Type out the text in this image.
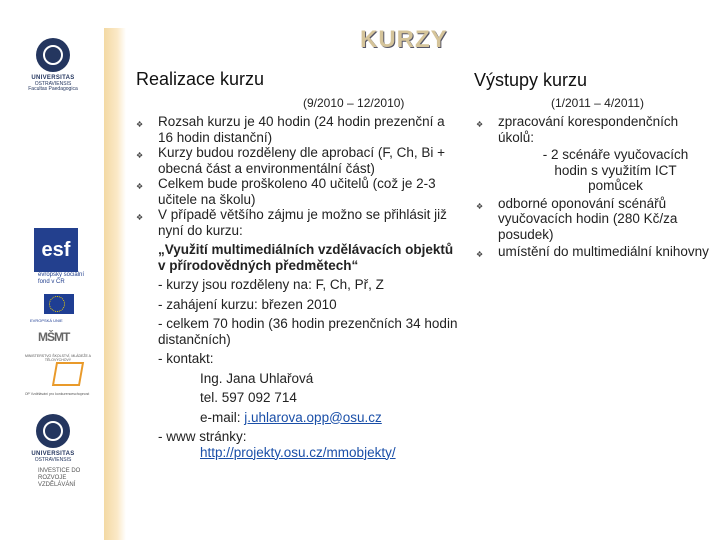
UNIVERSITAS
OSTRAVIENSIS
Facultas Paedagogica
esf
evropský sociální fond v ČR
EVROPSKÁ UNIE
MŠMT
MINISTERSTVO ŠKOLSTVÍ, MLÁDEŽE A TĚLOVÝCHOVY
OP Vzdělávání pro konkurenceschopnost
UNIVERSITAS
OSTRAVIENSIS
INVESTICE DO ROZVOJE VZDĚLÁVÁNÍ
KURZY
Realizace kurzu
(9/2010 – 12/2010)
Výstupy kurzu
(1/2011 – 4/2011)
❖	Rozsah kurzu je 40 hodin (24 hodin prezenční a 16 hodin distanční)
❖	Kurzy budou rozděleny dle aprobací (F, Ch, Bi + obecná část a environmentální část)
❖	Celkem bude proškoleno 40 učitelů (což je 2-3 učitele na školu)
❖	V případě většího zájmu je možno se přihlásit již nyní do kurzu:
„Využití multimediálních vzdělávacích objektů v přírodovědných předmětech“
- kurzy jsou rozděleny na: F, Ch, Př, Z
- zahájení kurzu: březen 2010
- celkem 70 hodin (36 hodin prezenčních 34 hodin distančních)
- kontakt:
Ing. Jana Uhlařová
tel. 597 092 714
e-mail: j.uhlarova.opp@osu.cz
- www stránky:
http://projekty.osu.cz/mmobjekty/
❖	zpracování korespondenčních úkolů:
- 2 scénáře vyučovacích hodin s využitím ICT pomůcek
❖	odborné oponování scénářů vyučovacích hodin (280 Kč/za posudek)
❖	umístění do multimediální knihovny
